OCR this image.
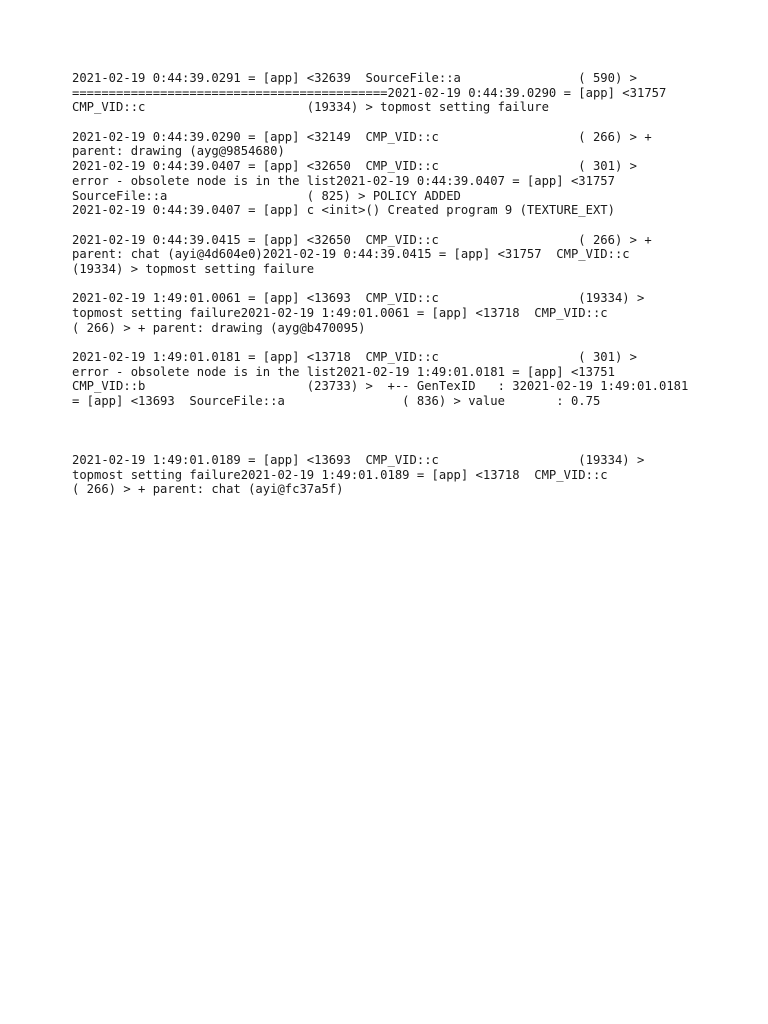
2021-02-19 0:44:39.0291 = [app] <32639  SourceFile::a                ( 590) >
===========================================2021-02-19 0:44:39.0290 = [app] <31757
CMP_VID::c                      (19334) > topmost setting failure
2021-02-19 0:44:39.0290 = [app] <32149  CMP_VID::c                   ( 266) > +
parent: drawing (ayg@9854680)
2021-02-19 0:44:39.0407 = [app] <32650  CMP_VID::c                   ( 301) >
error - obsolete node is in the list2021-02-19 0:44:39.0407 = [app] <31757
SourceFile::a                   ( 825) > POLICY ADDED
2021-02-19 0:44:39.0407 = [app] c <init>() Created program 9 (TEXTURE_EXT)
2021-02-19 0:44:39.0415 = [app] <32650  CMP_VID::c                   ( 266) > +
parent: chat (ayi@4d604e0)2021-02-19 0:44:39.0415 = [app] <31757  CMP_VID::c
(19334) > topmost setting failure
2021-02-19 1:49:01.0061 = [app] <13693  CMP_VID::c                   (19334) >
topmost setting failure2021-02-19 1:49:01.0061 = [app] <13718  CMP_VID::c
( 266) > + parent: drawing (ayg@b470095)
2021-02-19 1:49:01.0181 = [app] <13718  CMP_VID::c                   ( 301) >
error - obsolete node is in the list2021-02-19 1:49:01.0181 = [app] <13751
CMP_VID::b                      (23733) >  +-- GenTexID   : 32021-02-19 1:49:01.0181
= [app] <13693  SourceFile::a                ( 836) > value       : 0.75
2021-02-19 1:49:01.0189 = [app] <13693  CMP_VID::c                   (19334) >
topmost setting failure2021-02-19 1:49:01.0189 = [app] <13718  CMP_VID::c
( 266) > + parent: chat (ayi@fc37a5f)
